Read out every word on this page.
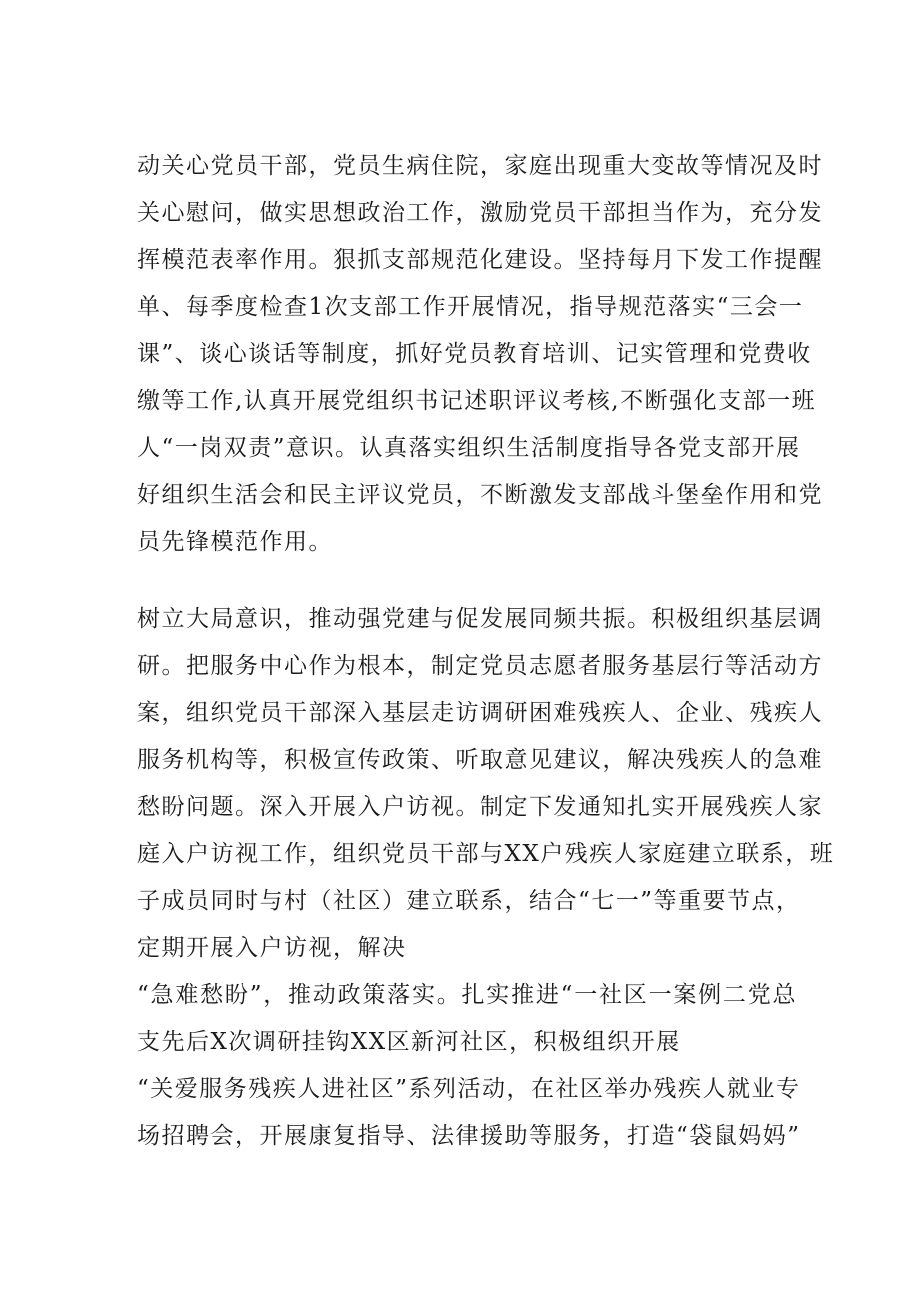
动关心党员干部，党员生病住院，家庭出现重大变故等情况及时
关心慰问，做实思想政治工作，激励党员干部担当作为，充分发
挥模范表率作用。狠抓支部规范化建设。坚持每月下发工作提醒
单、每季度检查1次支部工作开展情况，指导规范落实“三会一
课”、谈心谈话等制度，抓好党员教育培训、记实管理和党费收
缴等工作,认真开展党组织书记述职评议考核,不断强化支部一班
人“一岗双责”意识。认真落实组织生活制度指导各党支部开展
好组织生活会和民主评议党员，不断激发支部战斗堡垒作用和党
员先锋模范作用。
树立大局意识，推动强党建与促发展同频共振。积极组织基层调
研。把服务中心作为根本，制定党员志愿者服务基层行等活动方
案，组织党员干部深入基层走访调研困难残疾人、企业、残疾人
服务机构等，积极宣传政策、听取意见建议，解决残疾人的急难
愁盼问题。深入开展入户访视。制定下发通知扎实开展残疾人家
庭入户访视工作，组织党员干部与XX户残疾人家庭建立联系，班
子成员同时与村（社区）建立联系，结合“七一”等重要节点，
定期开展入户访视，解决
“急难愁盼”，推动政策落实。扎实推进“一社区一案例二党总
支先后X次调研挂钩XX区新河社区，积极组织开展
“关爱服务残疾人进社区”系列活动，在社区举办残疾人就业专
场招聘会，开展康复指导、法律援助等服务，打造“袋鼠妈妈”
